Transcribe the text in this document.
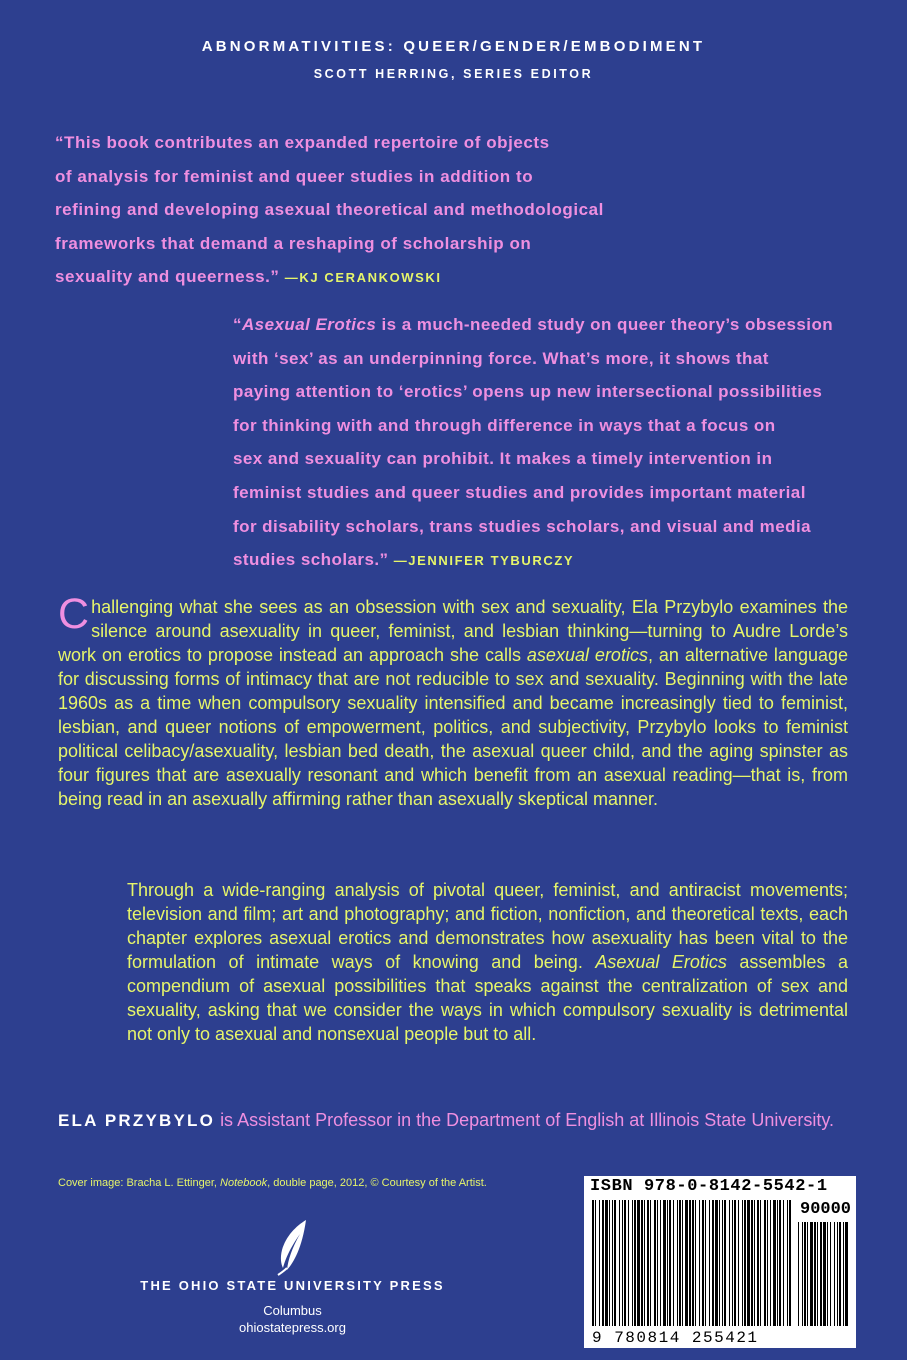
ABNORMATIVITIES: QUEER/GENDER/EMBODIMENT
SCOTT HERRING, SERIES EDITOR
“This book contributes an expanded repertoire of objects
of analysis for feminist and queer studies in addition to
refining and developing asexual theoretical and methodological
frameworks that demand a reshaping of scholarship on
sexuality and queerness.” —KJ CERANKOWSKI
“Asexual Erotics is a much-needed study on queer theory’s obsession
with ‘sex’ as an underpinning force. What’s more, it shows that
paying attention to ‘erotics’ opens up new intersectional possibilities
for thinking with and through difference in ways that a focus on
sex and sexuality can prohibit. It makes a timely intervention in
feminist studies and queer studies and provides important material
for disability scholars, trans studies scholars, and visual and media
studies scholars.” —JENNIFER TYBURCZY
Challenging what she sees as an obsession with sex and sexuality, Ela Przybylo examines the silence around asexuality in queer, feminist, and lesbian thinking—turning to Audre Lorde’s work on erotics to propose instead an approach she calls asexual erotics, an alternative language for discussing forms of intimacy that are not reducible to sex and sexuality. Beginning with the late 1960s as a time when compulsory sexuality intensified and became increasingly tied to feminist, lesbian, and queer notions of empowerment, politics, and subjectivity, Przybylo looks to feminist political celibacy/asexuality, lesbian bed death, the asexual queer child, and the aging spinster as four figures that are asexually resonant and which benefit from an asexual reading—that is, from being read in an asexually affirming rather than asexually skeptical manner.
Through a wide-ranging analysis of pivotal queer, feminist, and antiracist movements; television and film; art and photography; and fiction, nonfiction, and theoretical texts, each chapter explores asexual erotics and demonstrates how asexuality has been vital to the formulation of intimate ways of knowing and being. Asexual Erotics assembles a compendium of asexual possibilities that speaks against the centralization of sex and sexuality, asking that we consider the ways in which compulsory sexuality is detrimental not only to asexual and nonsexual people but to all.
ELA PRZYBYLO is Assistant Professor in the Department of English at Illinois State University.
Cover image: Bracha L. Ettinger, Notebook, double page, 2012, © Courtesy of the Artist.
THE OHIO STATE UNIVERSITY PRESS
Columbus
ohiostatepress.org
ISBN 978-0-8142-5542-1
90000
9 780814 255421
